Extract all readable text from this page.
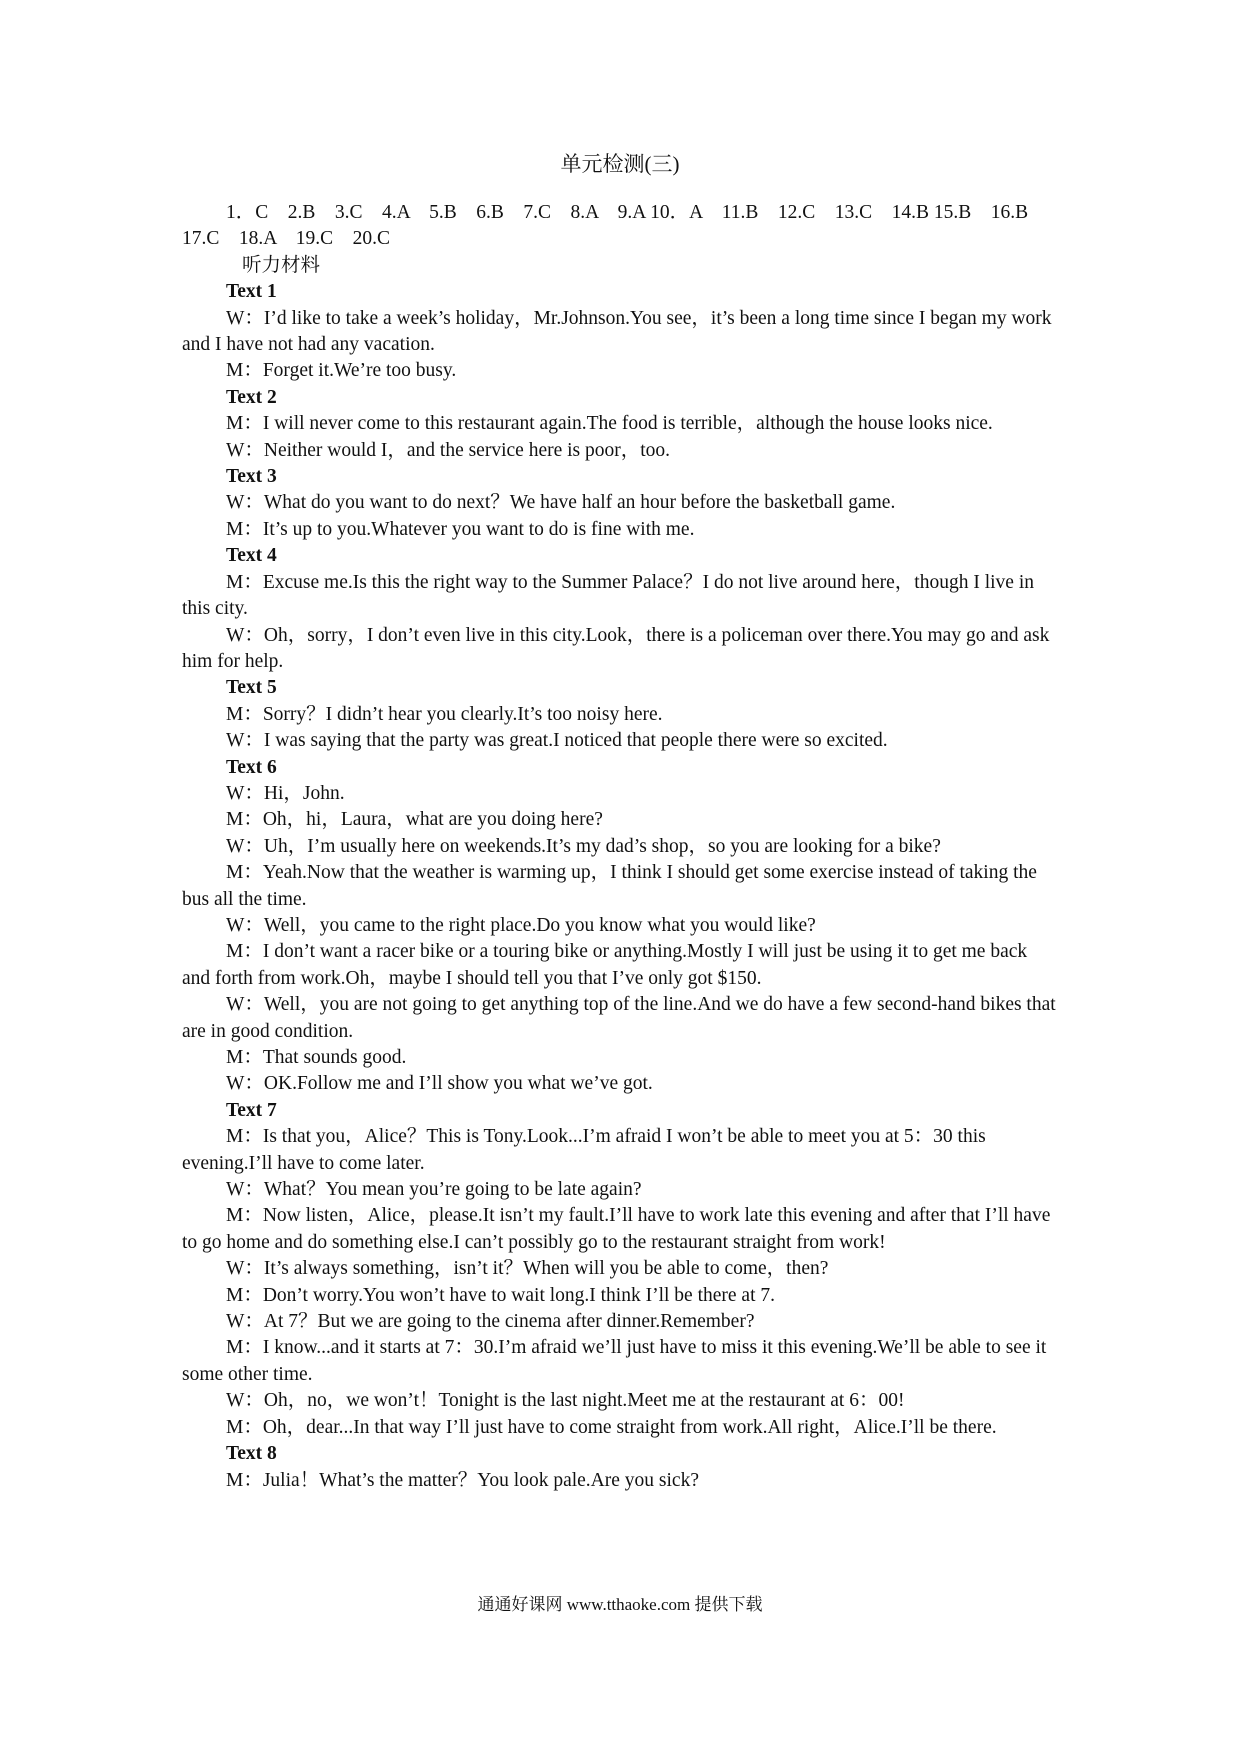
单元检测(三)

1．C    2.B    3.C    4.A    5.B    6.B    7.C    8.A    9.A 10．A    11.B    12.C    13.C    14.B 15.B    16.B    17.C    18.A    19.C    20.C

听力材料

Text 1

W：I’d like to take a week’s holiday，Mr.Johnson.You see，it’s been a long time since I began my work and I have not had any vacation.

M：Forget it.We’re too busy.

Text 2

M：I will never come to this restaurant again.The food is terrible，although the house looks nice.

W：Neither would I，and the service here is poor，too.

Text 3

W：What do you want to do next？We have half an hour before the basketball game.

M：It’s up to you.Whatever you want to do is fine with me.

Text 4

M：Excuse me.Is this the right way to the Summer Palace？I do not live around here，though I live in this city.

W：Oh，sorry，I don’t even live in this city.Look，there is a policeman over there.You may go and ask him for help.

Text 5

M：Sorry？I didn’t hear you clearly.It’s too noisy here.

W：I was saying that the party was great.I noticed that people there were so excited.

Text 6

W：Hi，John.

M：Oh，hi，Laura，what are you doing here?

W：Uh，I’m usually here on weekends.It’s my dad’s shop，so you are looking for a bike?

M：Yeah.Now that the weather is warming up，I think I should get some exercise instead of taking the bus all the time.

W：Well，you came to the right place.Do you know what you would like?

M：I don’t want a racer bike or a touring bike or anything.Mostly I will just be using it to get me back and forth from work.Oh，maybe I should tell you that I’ve only got $150.

W：Well，you are not going to get anything top of the line.And we do have a few second-hand bikes that are in good condition.

M：That sounds good.

W：OK.Follow me and I’ll show you what we’ve got.

Text 7

M：Is that you，Alice？This is Tony.Look...I’m afraid I won’t be able to meet you at 5：30 this evening.I’ll have to come later.

W：What？You mean you’re going to be late again?

M：Now listen，Alice，please.It isn’t my fault.I’ll have to work late this evening and after that I’ll have to go home and do something else.I can’t possibly go to the restaurant straight from work!

W：It’s always something，isn’t it？When will you be able to come，then?

M：Don’t worry.You won’t have to wait long.I think I’ll be there at 7.

W：At 7？But we are going to the cinema after dinner.Remember?

M：I know...and it starts at 7：30.I’m afraid we’ll just have to miss it this evening.We’ll be able to see it some other time.

W：Oh，no，we won’t！Tonight is the last night.Meet me at the restaurant at 6：00!

M：Oh，dear...In that way I’ll just have to come straight from work.All right，Alice.I’ll be there.

Text 8

M：Julia！What’s the matter？You look pale.Are you sick?

通通好课网 www.tthaoke.com 提供下载
